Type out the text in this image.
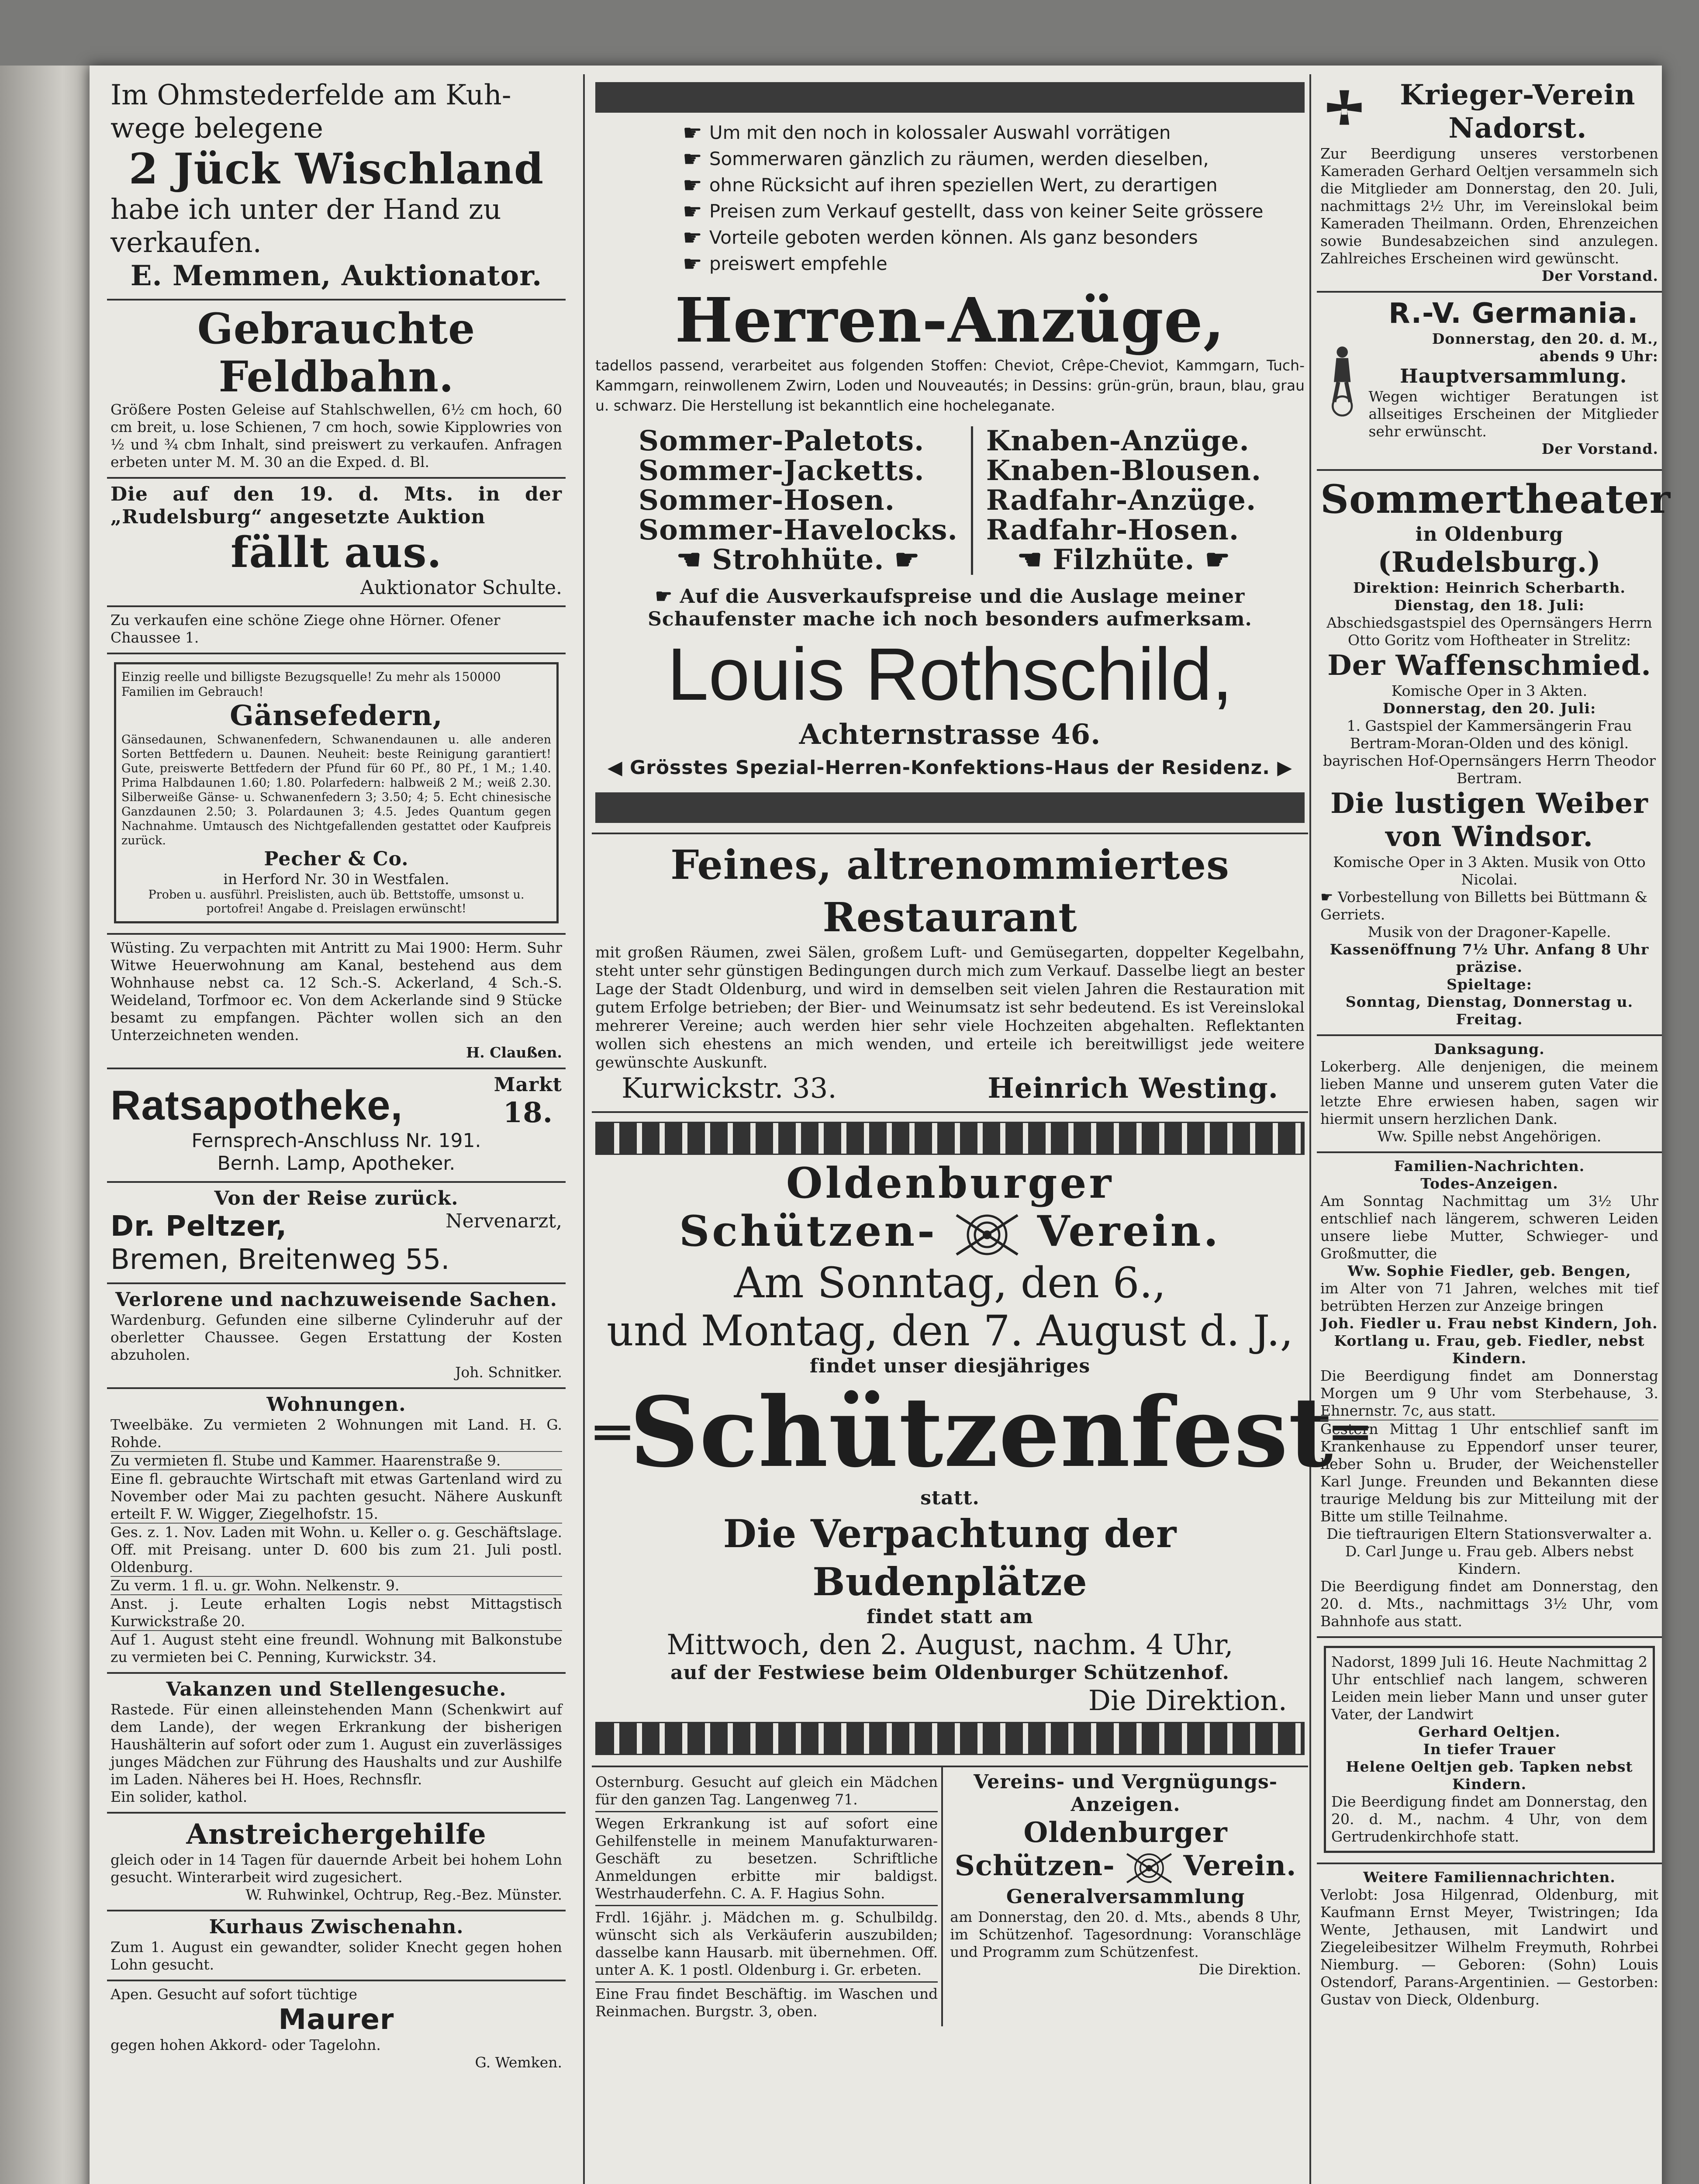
Im Ohmstederfelde am Kuh-
wege belegene
2 Jück Wischland
habe ich unter der Hand zu verkaufen.
E. Memmen, Auktionator.
Gebrauchte Feldbahn.
Größere Posten Geleise auf Stahlschwellen, 6½ cm hoch, 60 cm breit, u. lose Schienen, 7 cm hoch, sowie Kipplowries von ½ und ¾ cbm Inhalt, sind preiswert zu verkaufen. Anfragen erbeten unter M. M. 30 an die Exped. d. Bl.
Die auf den 19. d. Mts. in der „Rudelsburg“ angesetzte Auktion
fällt aus.
Auktionator Schulte.
Zu verkaufen eine schöne Ziege ohne Hörner. Ofener Chaussee 1.
Einzig reelle und billigste Bezugsquelle! Zu mehr als 150000 Familien im Gebrauch!
Gänsefedern,
Gänsedaunen, Schwanenfedern, Schwanendaunen u. alle anderen Sorten Bettfedern u. Daunen. Neuheit: beste Reinigung garantiert! Gute, preiswerte Bettfedern der Pfund für 60 Pf., 80 Pf., 1 M.; 1.40. Prima Halbdaunen 1.60; 1.80. Polarfedern: halbweiß 2 M.; weiß 2.30. Silberweiße Gänse- u. Schwanenfedern 3; 3.50; 4; 5. Echt chinesische Ganzdaunen 2.50; 3. Polardaunen 3; 4.5. Jedes Quantum gegen Nachnahme. Umtausch des Nichtgefallenden gestattet oder Kaufpreis zurück.
Pecher & Co.
in Herford Nr. 30 in Westfalen.
Proben u. ausführl. Preislisten, auch üb. Bettstoffe, umsonst u. portofrei! Angabe d. Preislagen erwünscht!
Wüsting. Zu verpachten mit Antritt zu Mai 1900: Herm. Suhr Witwe Heuerwohnung am Kanal, bestehend aus dem Wohnhause nebst ca. 12 Sch.-S. Ackerland, 4 Sch.-S. Weideland, Torfmoor ec. Von dem Ackerlande sind 9 Stücke besamt zu empfangen. Pächter wollen sich an den Unterzeichneten wenden.
H. Claußen.
Ratsapotheke,	Markt
18.
Fernsprech-Anschluss Nr. 191.
Bernh. Lamp, Apotheker.
Von der Reise zurück.
Dr. Peltzer,	Nervenarzt,
Bremen, Breitenweg 55.
Verlorene und nachzuweisende Sachen.
Wardenburg. Gefunden eine silberne Cylinderuhr auf der oberletter Chaussee. Gegen Erstattung der Kosten abzuholen.
Joh. Schnitker.
Wohnungen.
Tweelbäke. Zu vermieten 2 Wohnungen mit Land. H. G. Rohde.
Zu vermieten fl. Stube und Kammer. Haarenstraße 9.
Eine fl. gebrauchte Wirtschaft mit etwas Gartenland wird zu November oder Mai zu pachten gesucht. Nähere Auskunft erteilt F. W. Wigger, Ziegelhofstr. 15.
Ges. z. 1. Nov. Laden mit Wohn. u. Keller o. g. Geschäftslage. Off. mit Preisang. unter D. 600 bis zum 21. Juli postl. Oldenburg.
Zu verm. 1 fl. u. gr. Wohn. Nelkenstr. 9.
Anst. j. Leute erhalten Logis nebst Mittagstisch Kurwickstraße 20.
Auf 1. August steht eine freundl. Wohnung mit Balkonstube zu vermieten bei C. Penning, Kurwickstr. 34.
Vakanzen und Stellengesuche.
Rastede. Für einen alleinstehenden Mann (Schenkwirt auf dem Lande), der wegen Erkrankung der bisherigen Haushälterin auf sofort oder zum 1. August ein zuverlässiges junges Mädchen zur Führung des Haushalts und zur Aushilfe im Laden. Näheres bei H. Hoes, Rechnsflr.
Ein solider, kathol.
Anstreichergehilfe
gleich oder in 14 Tagen für dauernde Arbeit bei hohem Lohn gesucht. Winterarbeit wird zugesichert.
W. Ruhwinkel, Ochtrup, Reg.-Bez. Münster.
Kurhaus Zwischenahn.
Zum 1. August ein gewandter, solider Knecht gegen hohen Lohn gesucht.
Apen. Gesucht auf sofort tüchtige
Maurer
gegen hohen Akkord- oder Tagelohn.
G. Wemken.
☛ Um mit den noch in kolossaler Auswahl vorrätigen
☛ Sommerwaren gänzlich zu räumen, werden dieselben,
☛ ohne Rücksicht auf ihren speziellen Wert, zu derartigen
☛ Preisen zum Verkauf gestellt, dass von keiner Seite grössere
☛ Vorteile geboten werden können. Als ganz besonders
☛ preiswert empfehle
Herren-Anzüge,
tadellos passend, verarbeitet aus folgenden Stoffen: Cheviot, Crêpe-Cheviot, Kammgarn, Tuch-Kammgarn, reinwollenem Zwirn, Loden und Nouveautés; in Dessins: grün-grün, braun, blau, grau u. schwarz. Die Herstellung ist bekanntlich eine hocheleganate.
Sommer-Paletots.
Sommer-Jacketts.
Sommer-Hosen.
Sommer-Havelocks.
☚ Strohhüte. ☛
Knaben-Anzüge.
Knaben-Blousen.
Radfahr-Anzüge.
Radfahr-Hosen.
☚ Filzhüte. ☛
☛ Auf die Ausverkaufspreise und die Auslage meiner Schaufenster mache ich noch besonders aufmerksam.
Louis Rothschild,
Achternstrasse 46.
◀ Grösstes Spezial-Herren-Konfektions-Haus der Residenz. ▶
Feines, altrenommiertes Restaurant
mit großen Räumen, zwei Sälen, großem Luft- und Gemüsegarten, doppelter Kegelbahn, steht unter sehr günstigen Bedingungen durch mich zum Verkauf. Dasselbe liegt an bester Lage der Stadt Oldenburg, und wird in demselben seit vielen Jahren die Restauration mit gutem Erfolge betrieben; der Bier- und Weinumsatz ist sehr bedeutend. Es ist Vereinslokal mehrerer Vereine; auch werden hier sehr viele Hochzeiten abgehalten. Reflektanten wollen sich ehestens an mich wenden, und erteile ich bereitwilligst jede weitere gewünschte Auskunft.
Kurwickstr. 33.	Heinrich Westing.
Oldenburger
Schützen- Verein.
Am Sonntag, den 6.,
und Montag, den 7. August d. J.,
findet unser diesjähriges
═ Schützenfest ═
statt.
Die Verpachtung der Budenplätze
findet statt am
Mittwoch, den 2. August, nachm. 4 Uhr,
auf der Festwiese beim Oldenburger Schützenhof.
Die Direktion.
Osternburg. Gesucht auf gleich ein Mädchen für den ganzen Tag. Langenweg 71.
Wegen Erkrankung ist auf sofort eine Gehilfenstelle in meinem Manufakturwaren-Geschäft zu besetzen. Schriftliche Anmeldungen erbitte mir baldigst. Westrhauderfehn. C. A. F. Hagius Sohn.
Frdl. 16jähr. j. Mädchen m. g. Schulbildg. wünscht sich als Verkäuferin auszubilden; dasselbe kann Hausarb. mit übernehmen. Off. unter A. K. 1 postl. Oldenburg i. Gr. erbeten.
Eine Frau findet Beschäftig. im Waschen und Reinmachen. Burgstr. 3, oben.
Vereins- und Vergnügungs-Anzeigen.
Oldenburger
Schützen- Verein.
Generalversammlung
am Donnerstag, den 20. d. Mts., abends 8 Uhr, im Schützenhof. Tagesordnung: Voranschläge und Programm zum Schützenfest.
Die Direktion.
Krieger-Verein Nadorst.
Zur Beerdigung unseres verstorbenen Kameraden Gerhard Oeltjen versammeln sich die Mitglieder am Donnerstag, den 20. Juli, nachmittags 2½ Uhr, im Vereinslokal beim Kameraden Theilmann. Orden, Ehrenzeichen sowie Bundesabzeichen sind anzulegen. Zahlreiches Erscheinen wird gewünscht.
Der Vorstand.
R.-V. Germania.
Donnerstag, den 20. d. M., abends 9 Uhr:
Hauptversammlung.
Wegen wichtiger Beratungen ist allseitiges Erscheinen der Mitglieder sehr erwünscht.
Der Vorstand.
Sommertheater
in Oldenburg
(Rudelsburg.)
Direktion: Heinrich Scherbarth.
Dienstag, den 18. Juli:
Abschiedsgastspiel des Opernsängers Herrn Otto Goritz vom Hoftheater in Strelitz:
Der Waffenschmied.
Komische Oper in 3 Akten.
Donnerstag, den 20. Juli:
1. Gastspiel der Kammersängerin Frau Bertram-Moran-Olden und des königl. bayrischen Hof-Opernsängers Herrn Theodor Bertram.
Die lustigen Weiber von Windsor.
Komische Oper in 3 Akten. Musik von Otto Nicolai.
☛ Vorbestellung von Billetts bei Büttmann & Gerriets.
Musik von der Dragoner-Kapelle.
Kassenöffnung 7½ Uhr. Anfang 8 Uhr präzise.
Spieltage:
Sonntag, Dienstag, Donnerstag u. Freitag.
Danksagung.
Lokerberg. Alle denjenigen, die meinem lieben Manne und unserem guten Vater die letzte Ehre erwiesen haben, sagen wir hiermit unsern herzlichen Dank.
Ww. Spille nebst Angehörigen.
Familien-Nachrichten.
Todes-Anzeigen.
Am Sonntag Nachmittag um 3½ Uhr entschlief nach längerem, schweren Leiden unsere liebe Mutter, Schwieger- und Großmutter, die
Ww. Sophie Fiedler, geb. Bengen,
im Alter von 71 Jahren, welches mit tief betrübten Herzen zur Anzeige bringen
Joh. Fiedler u. Frau nebst Kindern, Joh. Kortlang u. Frau, geb. Fiedler, nebst Kindern.
Die Beerdigung findet am Donnerstag Morgen um 9 Uhr vom Sterbehause, 3. Ehnernstr. 7c, aus statt.
Gestern Mittag 1 Uhr entschlief sanft im Krankenhause zu Eppendorf unser teurer, lieber Sohn u. Bruder, der Weichensteller Karl Junge. Freunden und Bekannten diese traurige Meldung bis zur Mitteilung mit der Bitte um stille Teilnahme.
Die tieftraurigen Eltern Stationsverwalter a. D. Carl Junge u. Frau geb. Albers nebst Kindern.
Die Beerdigung findet am Donnerstag, den 20. d. Mts., nachmittags 3½ Uhr, vom Bahnhofe aus statt.
Nadorst, 1899 Juli 16. Heute Nachmittag 2 Uhr entschlief nach langem, schweren Leiden mein lieber Mann und unser guter Vater, der Landwirt
Gerhard Oeltjen.
In tiefer Trauer
Helene Oeltjen geb. Tapken nebst Kindern.
Die Beerdigung findet am Donnerstag, den 20. d. M., nachm. 4 Uhr, von dem Gertrudenkirchhofe statt.
Weitere Familiennachrichten.
Verlobt: Josa Hilgenrad, Oldenburg, mit Kaufmann Ernst Meyer, Twistringen; Ida Wente, Jethausen, mit Landwirt und Ziegeleibesitzer Wilhelm Freymuth, Rohrbei Niemburg. — Geboren: (Sohn) Louis Ostendorf, Parans-Argentinien. — Gestorben: Gustav von Dieck, Oldenburg.
